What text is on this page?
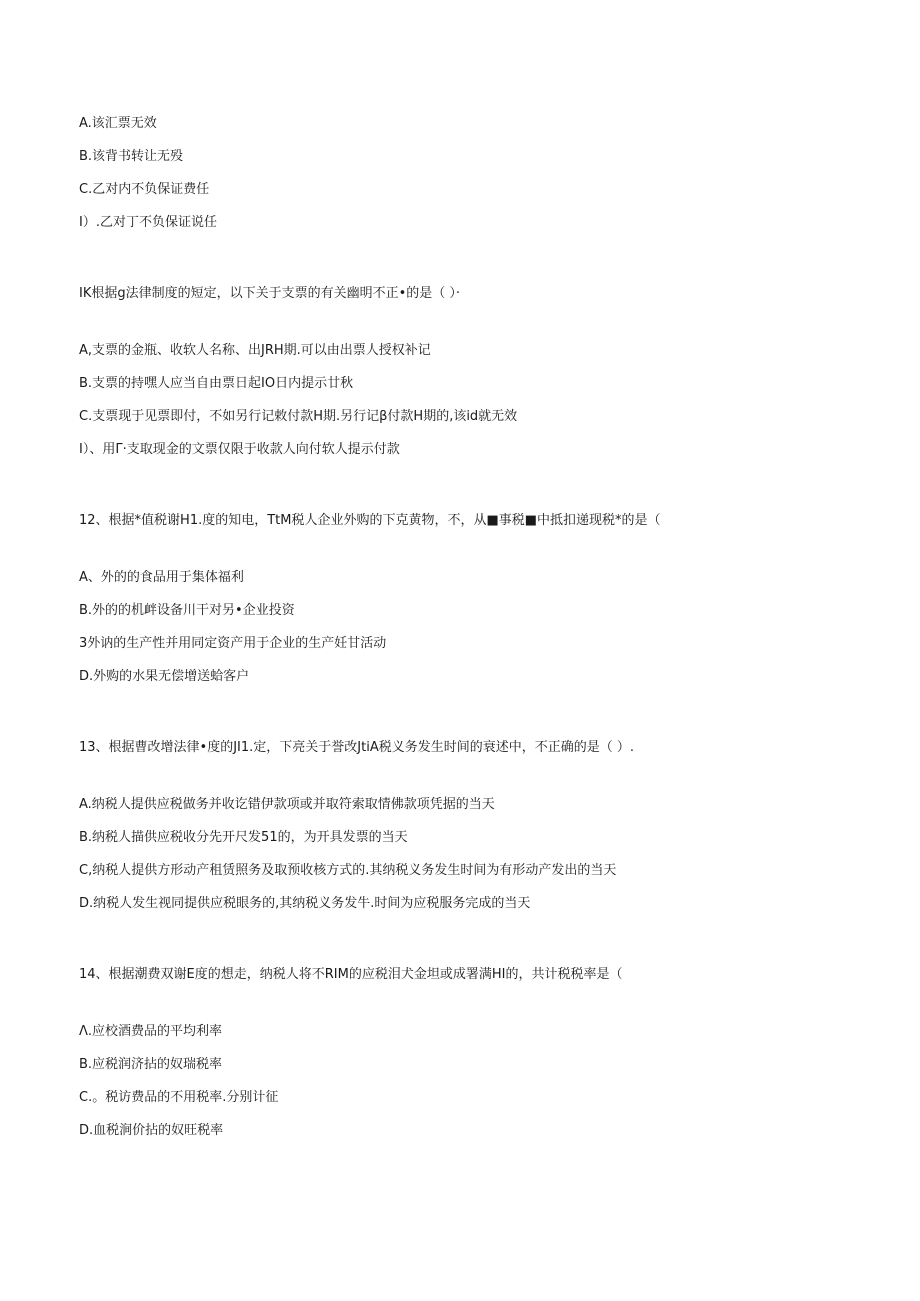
A.该汇票无效
B.该背书转让无殁
C.乙对内不负保证费任
I）.乙对丁不负保证说任
IK根据g法律制度的短定，以下关于支票的有关幽明不正•的是（ ）·
A,支票的金瓶、收软人名称、出JRH期.可以由出票人授权补记
B.支票的持嘿人应当自由票日起IO日内提示廿秋
C.支票现于见票即付，不如另行记敕付款H期.另行记β付款H期的,该id就无效
I）、用Γ·支取现金的文票仅限于收款人向付软人提示付款
12、根据*值税谢H1.度的知电，TtM税人企业外购的下克黄物，不，从■事税■中抵扣递现税*的是（
A、外的的食品用于集体福利
B.外的的机衅设备川干对另•企业投资
3外讷的生产性并用同定资产用于企业的生产妊甘活动
D.外购的水果无偿增送蛤客户
13、根据曹改增法律•度的JI1.定，下亮关于誉改JtiA税义务发生时间的衰述中，不正确的是（ ）.
A.纳税人提供应税做务并收讫错伊款项或并取符索取情佛款项凭据的当天
B.纳税人描供应税收分先开尺发51的，为开具发票的当天
C,纳税人提供方形动产租赁照务及取预收核方式的.其纳税义务发生时间为有形动产发出的当天
D.纳税人发生视同提供应税眼务的,其纳税义务发牛.时间为应税服务完成的当天
14、根据潮费双谢E度的想走，纳税人将不RIM的应税泪犬金坦或成署满HI的，共计税税率是（
Λ.应校酒费品的平均利率
B.应税润济拈的奴瑞税率
C.。税访费品的不用税率.分别计征
D.血税涧价拈的奴旺税率
